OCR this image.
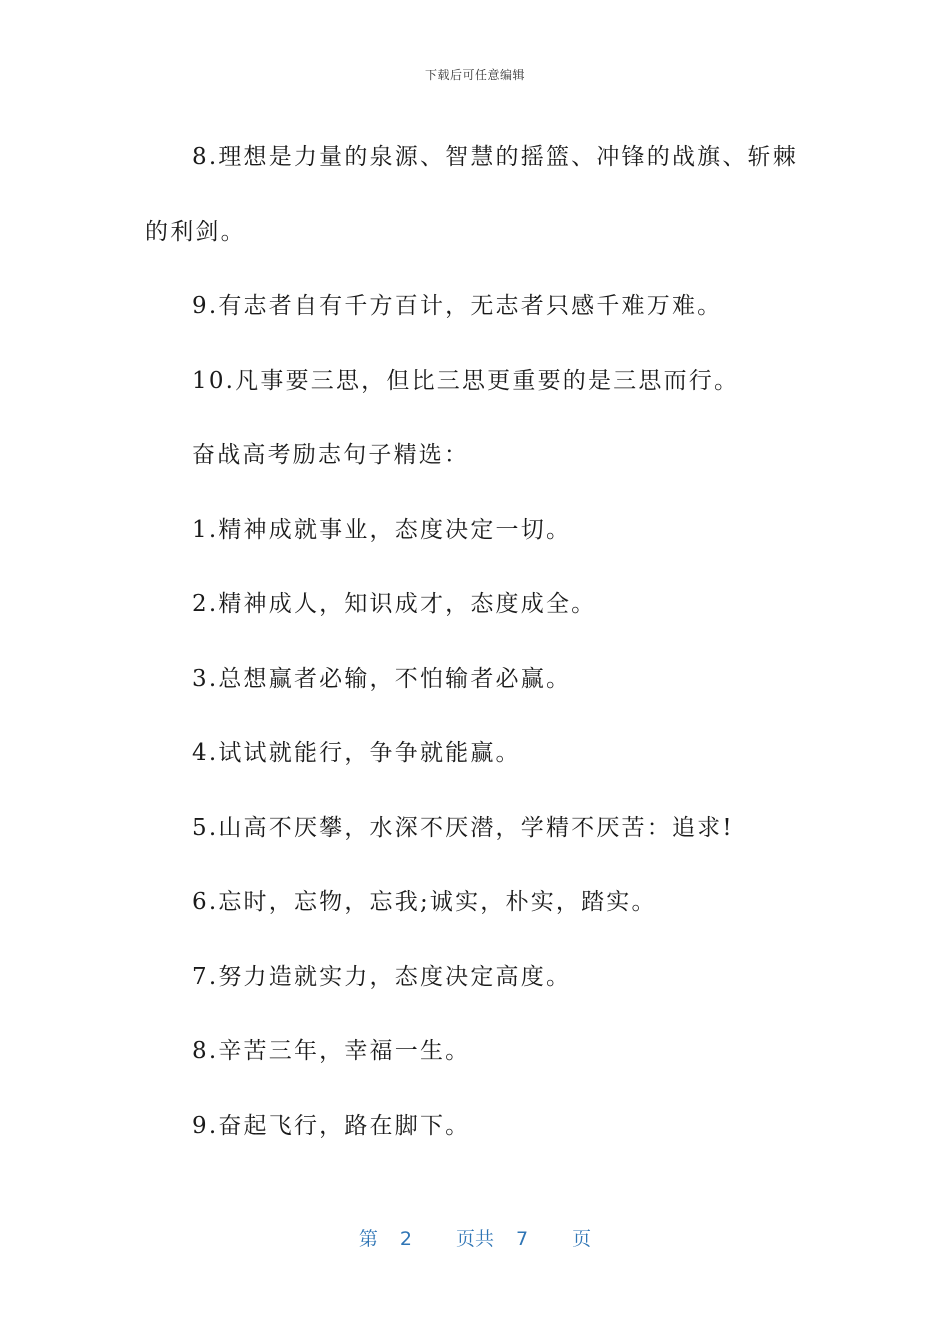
下载后可任意编辑

8.理想是力量的泉源、智慧的摇篮、冲锋的战旗、斩棘的利剑。

9.有志者自有千方百计，无志者只感千难万难。

10.凡事要三思，但比三思更重要的是三思而行。

奋战高考励志句子精选：

1.精神成就事业，态度决定一切。

2.精神成人，知识成才，态度成全。

3.总想赢者必输，不怕输者必赢。

4.试试就能行，争争就能赢。

5.山高不厌攀，水深不厌潜，学精不厌苦：追求!

6.忘时，忘物，忘我;诚实，朴实，踏实。

7.努力造就实力，态度决定高度。

8.辛苦三年，幸福一生。

9.奋起飞行，路在脚下。

第 2 页共 7 页
